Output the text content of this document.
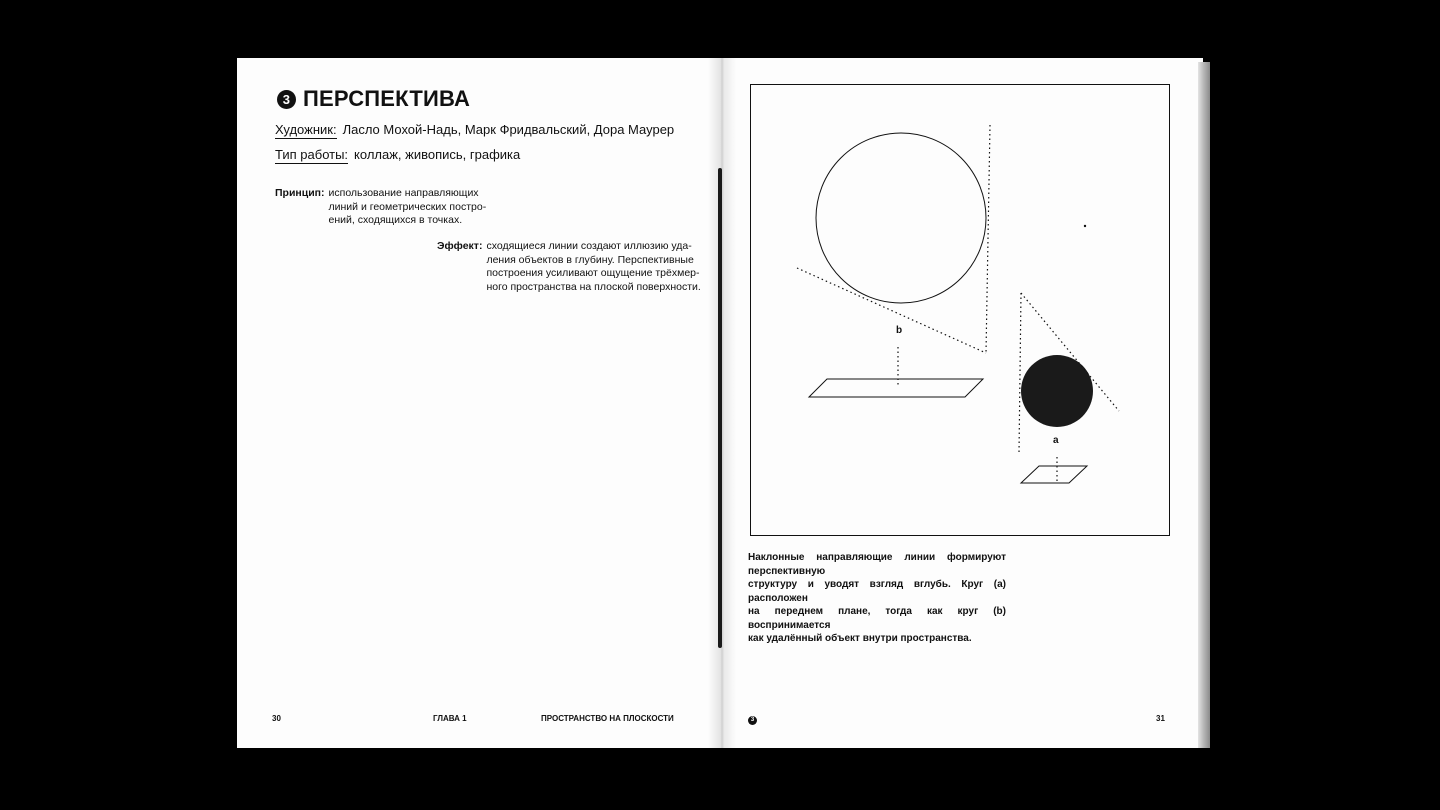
3 ПЕРСПЕКТИВА
Художник: Ласло Мохой-Надь, Марк Фридвальский, Дора Маурер
Тип работы: коллаж, живопись, графика
Принцип: использование направляющих
линий и геометрических постро-
ений, сходящихся в точках.
Эффект: сходящиеся линии создают иллюзию уда-
ления объектов в глубину. Перспективные
построения усиливают ощущение трёхмер-
ного пространства на плоской поверхности.
30	ГЛАВА 1	ПРОСТРАНСТВО НА ПЛОСКОСТИ
b
a
Наклонные направляющие линии формируют перспективную
структуру и уводят взгляд вглубь. Круг (a) расположен
на переднем плане, тогда как круг (b) воспринимается
как удалённый объект внутри пространства.
3	31
